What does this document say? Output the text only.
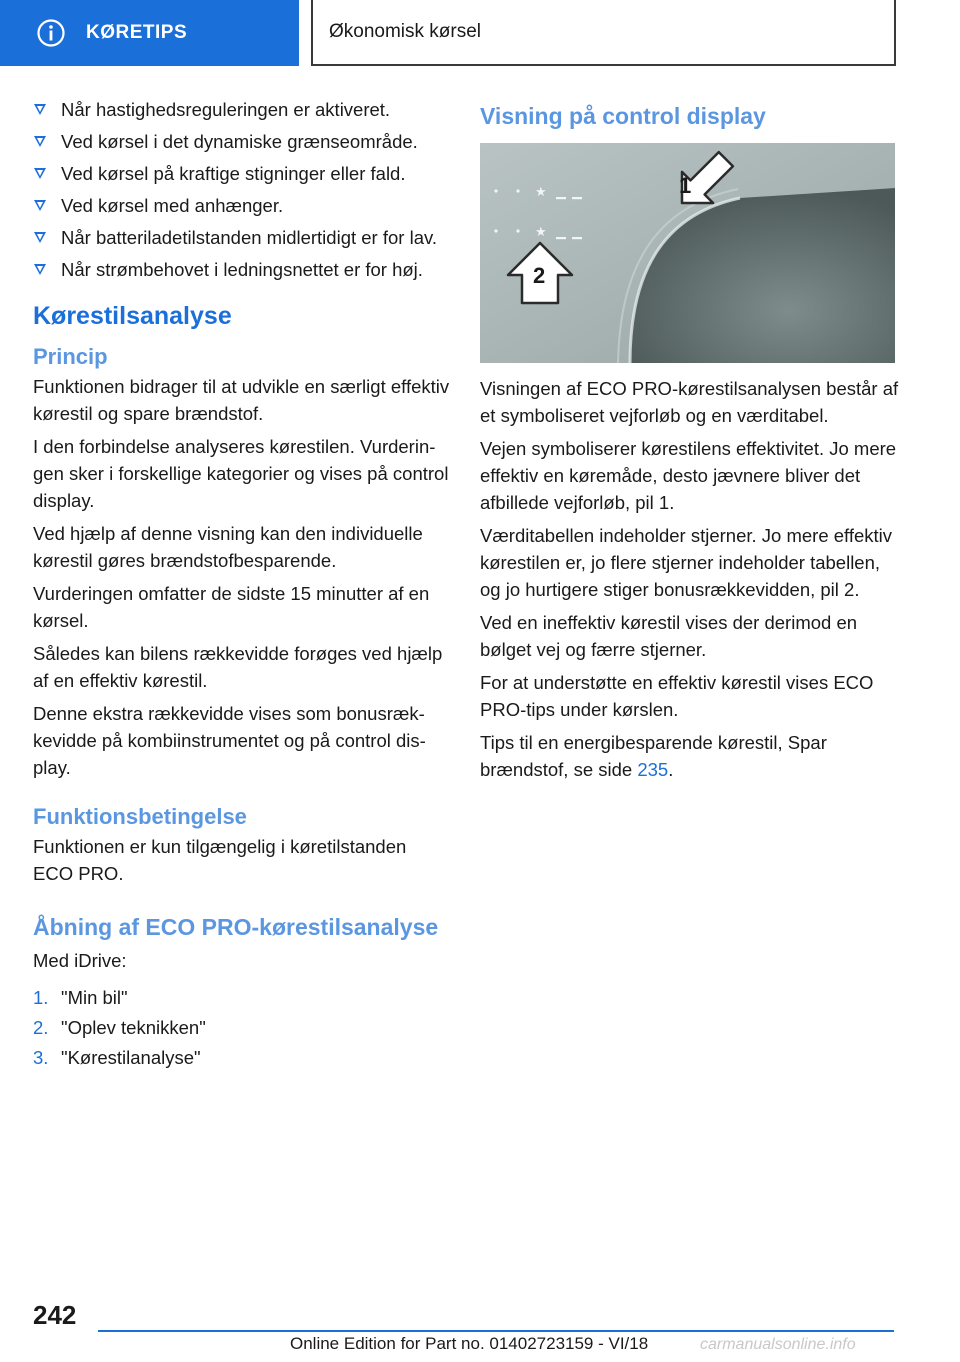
KØRETIPS	Økonomisk kørsel
Når hastighedsreguleringen er aktiveret.
Ved kørsel i det dynamiske grænseområde.
Ved kørsel på kraftige stigninger eller fald.
Ved kørsel med anhænger.
Når batteriladetilstanden midlertidigt er for lav.
Når strømbehovet i ledningsnettet er for høj.
Kørestilsanalyse
Princip

Funktionen bidrager til at udvikle en særligt effektiv kørestil og spare brændstof.

I den forbindelse analyseres kørestilen. Vurderingen sker i forskellige kategorier og vises på control display.

Ved hjælp af denne visning kan den individuelle kørestil gøres brændstofbesparende.

Vurderingen omfatter de sidste 15 minutter af en kørsel.

Således kan bilens rækkevidde forøges ved hjælp af en effektiv kørestil.

Denne ekstra rækkevidde vises som bonusrækkevidde på kombiinstrumentet og på control display.

Funktionsbetingelse

Funktionen er kun tilgængelig i køretilstanden ECO PRO.

Åbning af ECO PRO-kørestilsanalyse

Med iDrive:

1. "Min bil"
2. "Oplev teknikken"
3. "Kørestilanalyse"
Visning på control display
★
★
1
2

Visningen af ECO PRO-kørestilsanalysen består af et symboliseret vejforløb og en værditabel.

Vejen symboliserer kørestilens effektivitet. Jo mere effektiv en køremåde, desto jævnere bliver det afbillede vejforløb, pil 1.

Værditabellen indeholder stjerner. Jo mere effektiv kørestilen er, jo flere stjerner indeholder tabellen, og jo hurtigere stiger bonusrækkevidden, pil 2.

Ved en ineffektiv kørestil vises der derimod en bølget vej og færre stjerner.

For at understøtte en effektiv kørestil vises ECO PRO-tips under kørslen.

Tips til en energibesparende kørestil, Spar brændstof, se side 235.

242
Online Edition for Part no. 01402723159 - VI/18	carmanualsonline.info
